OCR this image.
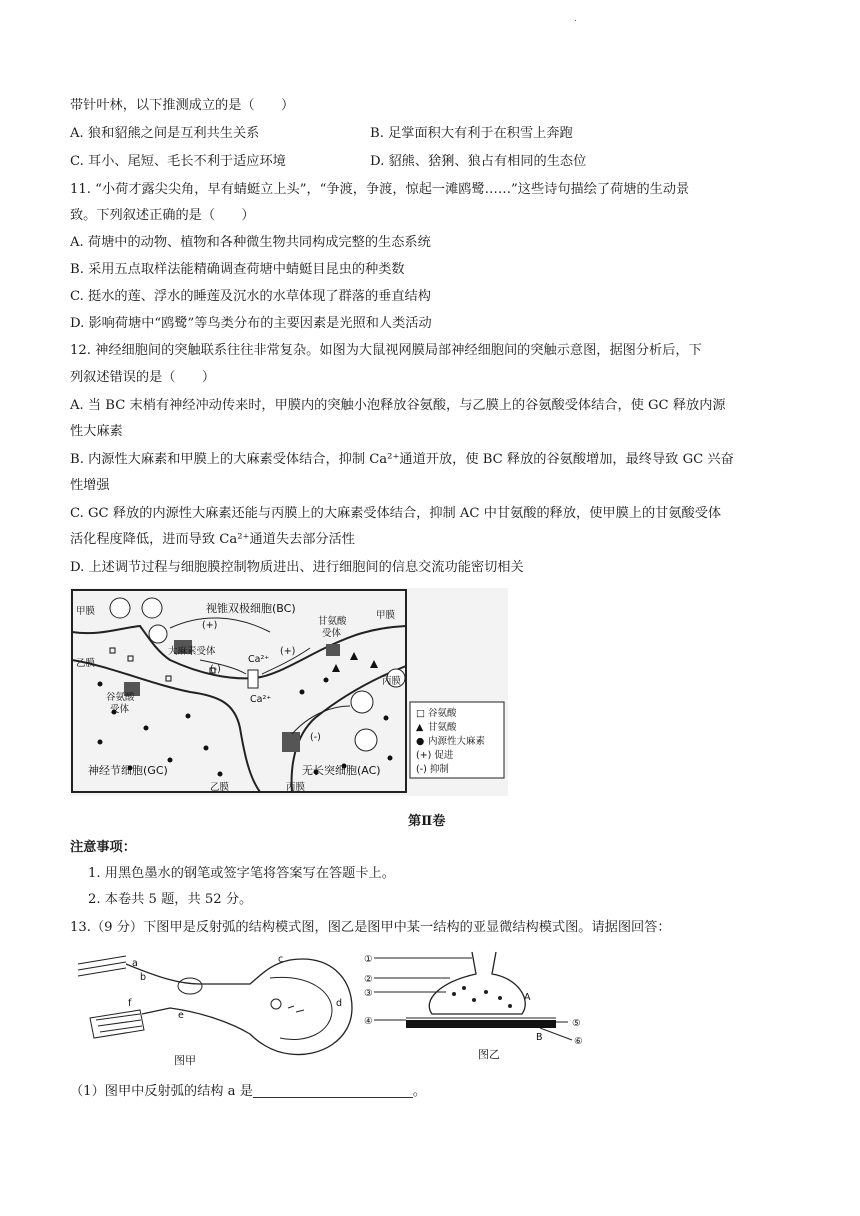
.
带针叶林，以下推测成立的是（　　）
A. 狼和貂熊之间是互利共生关系	B. 足掌面积大有利于在积雪上奔跑
C. 耳小、尾短、毛长不利于适应环境	D. 貂熊、猞猁、狼占有相同的生态位
11. “小荷才露尖尖角，早有蜻蜓立上头”，“争渡，争渡，惊起一滩鸥鹭……”这些诗句描绘了荷塘的生动景
致。下列叙述正确的是（　　）
A. 荷塘中的动物、植物和各种微生物共同构成完整的生态系统
B. 采用五点取样法能精确调查荷塘中蜻蜓目昆虫的种类数
C. 挺水的莲、浮水的睡莲及沉水的水草体现了群落的垂直结构
D. 影响荷塘中“鸥鹭”等鸟类分布的主要因素是光照和人类活动
12. 神经细胞间的突触联系往往非常复杂。如图为大鼠视网膜局部神经细胞间的突触示意图，据图分析后，下
列叙述错误的是（　　）
A. 当 BC 末梢有神经冲动传来时，甲膜内的突触小泡释放谷氨酸，与乙膜上的谷氨酸受体结合，使 GC 释放内源
性大麻素
B. 内源性大麻素和甲膜上的大麻素受体结合，抑制 Ca²⁺通道开放，使 BC 释放的谷氨酸增加，最终导致 GC 兴奋
性增强
C. GC 释放的内源性大麻素还能与丙膜上的大麻素受体结合，抑制 AC 中甘氨酸的释放，使甲膜上的甘氨酸受体
活化程度降低，进而导致 Ca²⁺通道失去部分活性
D. 上述调节过程与细胞膜控制物质进出、进行细胞间的信息交流功能密切相关
甲膜	视锥双极细胞(BC)
(+)	甘氨酸
受体
甲膜
大麻素受体
Ca²⁺
(+)
(-)
乙膜
Ca²⁺
丙膜
谷氨酸
受体
(-)
神经节细胞(GC)	无长突细胞(AC)
乙膜	丙膜
□ 谷氨酸
▲ 甘氨酸
● 内源性大麻素
(+) 促进
(-) 抑制
第Ⅱ卷
注意事项：
1. 用黑色墨水的钢笔或签字笔将答案写在答题卡上。
2. 本卷共 5 题，共 52 分。
13.（9 分）下图甲是反射弧的结构模式图，图乙是图甲中某一结构的亚显微结构模式图。请据图回答：
a
b
c
d
e
f
图甲
①
②
③
④	⑤
⑥
A
B
图乙
（1）图甲中反射弧的结构 a 是	。
